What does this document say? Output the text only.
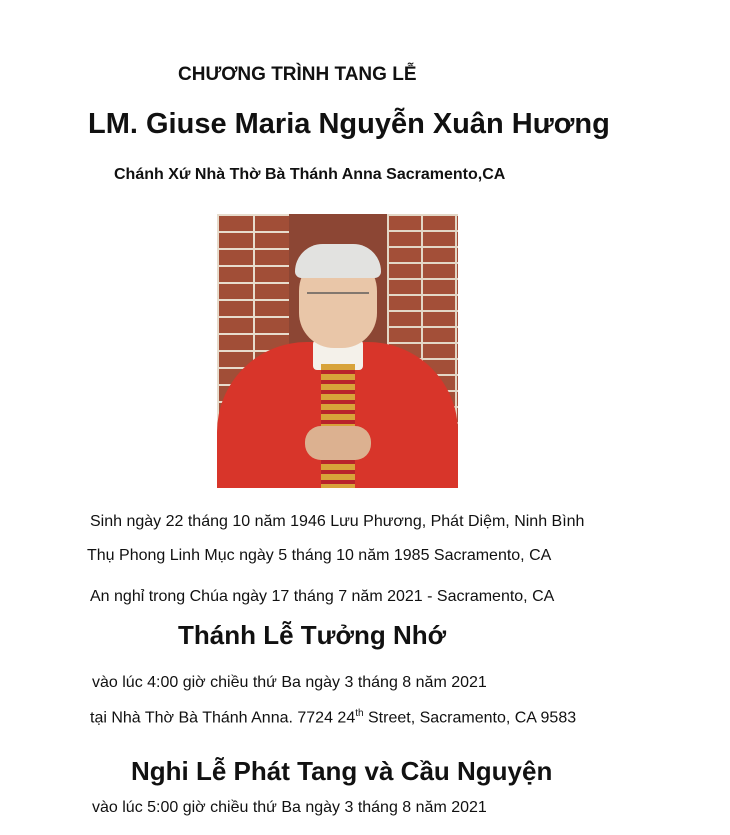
CHƯƠNG TRÌNH TANG LỄ
LM. Giuse Maria Nguyễn Xuân Hương
Chánh Xứ Nhà Thờ Bà Thánh Anna Sacramento,CA
Sinh ngày 22 tháng 10 năm 1946 Lưu Phương, Phát Diệm, Ninh Bình
Thụ Phong Linh Mục ngày 5 tháng 10 năm 1985 Sacramento, CA
An nghỉ trong Chúa ngày 17 tháng 7 năm 2021 - Sacramento, CA
Thánh Lễ Tưởng Nhớ
vào lúc 4:00 giờ chiều thứ Ba ngày 3 tháng 8 năm 2021
tại Nhà Thờ Bà Thánh Anna. 7724 24th Street, Sacramento, CA 9583
Nghi Lễ Phát Tang và Cầu Nguyện
vào lúc 5:00 giờ chiều thứ Ba ngày 3 tháng 8 năm 2021
